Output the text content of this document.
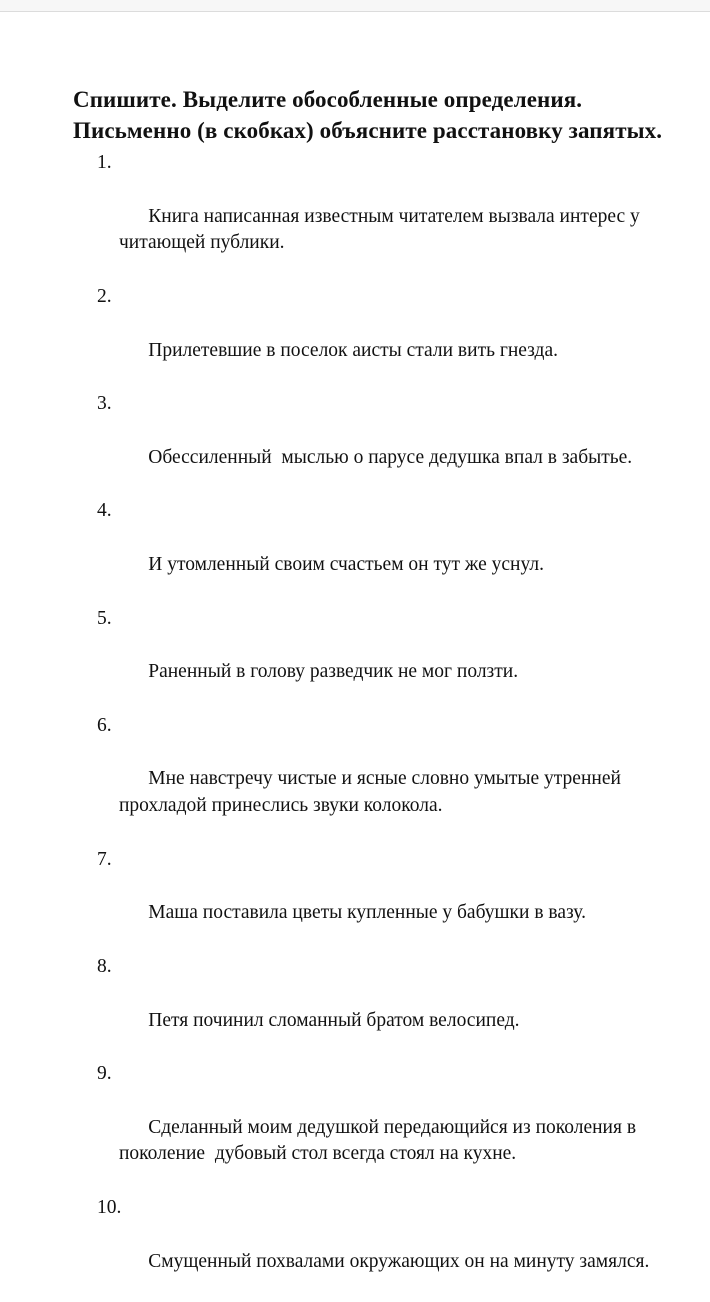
Спишите. Выделите обособленные определения. Письменно (в скобках) объясните расстановку запятых.

1.

Книга написанная известным читателем вызвала интерес у читающей публики.

2.

Прилетевшие в поселок аисты стали вить гнезда.

3.

Обессиленный  мыслью о парусе дедушка впал в забытье.

4.

И утомленный своим счастьем он тут же уснул.

5.

Раненный в голову разведчик не мог ползти.

6.

Мне навстречу чистые и ясные словно умытые утренней прохладой принеслись звуки колокола.

7.

Маша поставила цветы купленные у бабушки в вазу.

8.

Петя починил сломанный братом велосипед.

9.

Сделанный моим дедушкой передающийся из поколения в поколение  дубовый стол всегда стоял на кухне.

10.

Смущенный похвалами окружающих он на минуту замялся.
